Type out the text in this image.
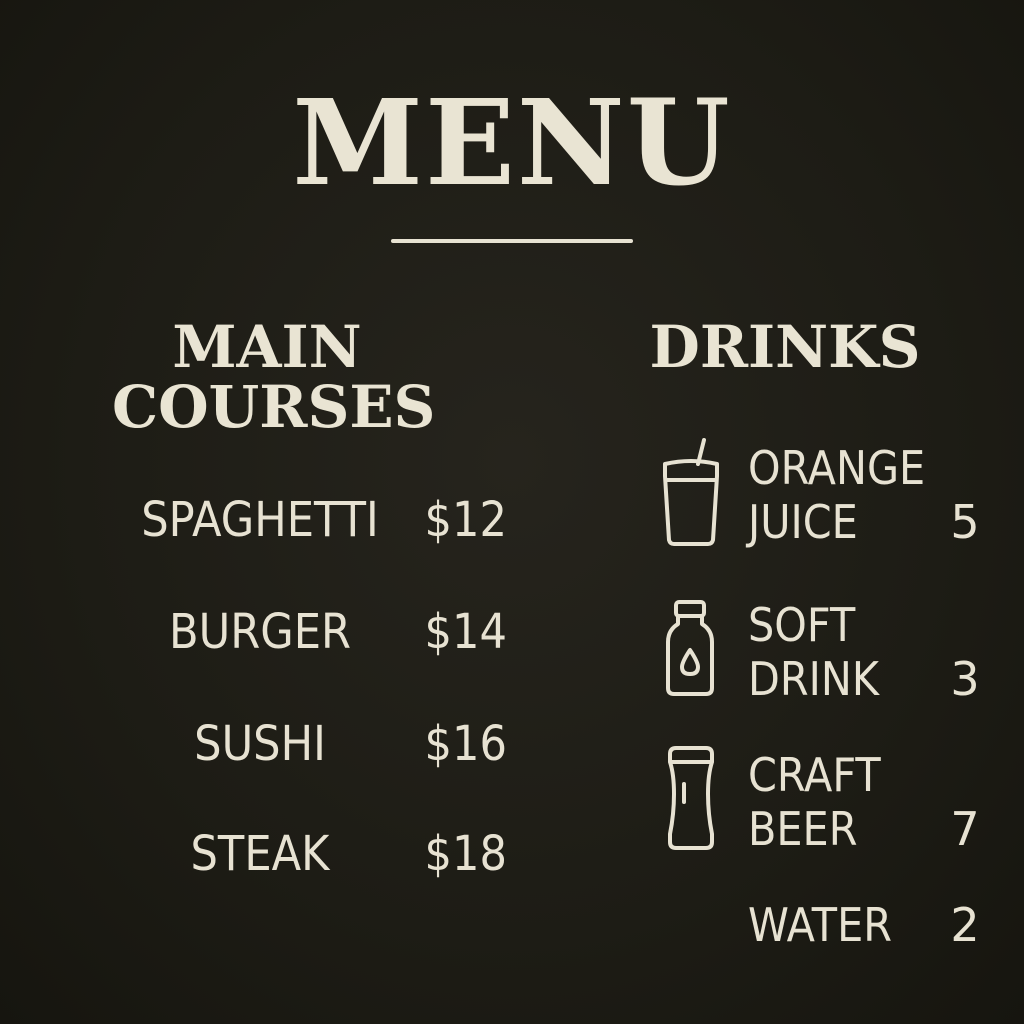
MENU
MAIN
COURSES
SPAGHETTI $12
BURGER	$14
SUSHI	$16
STEAK	$18
DRINKS
ORANGE
JUICE	5
SOFT
DRINK	3
CRAFT
BEER	7
WATER	2
